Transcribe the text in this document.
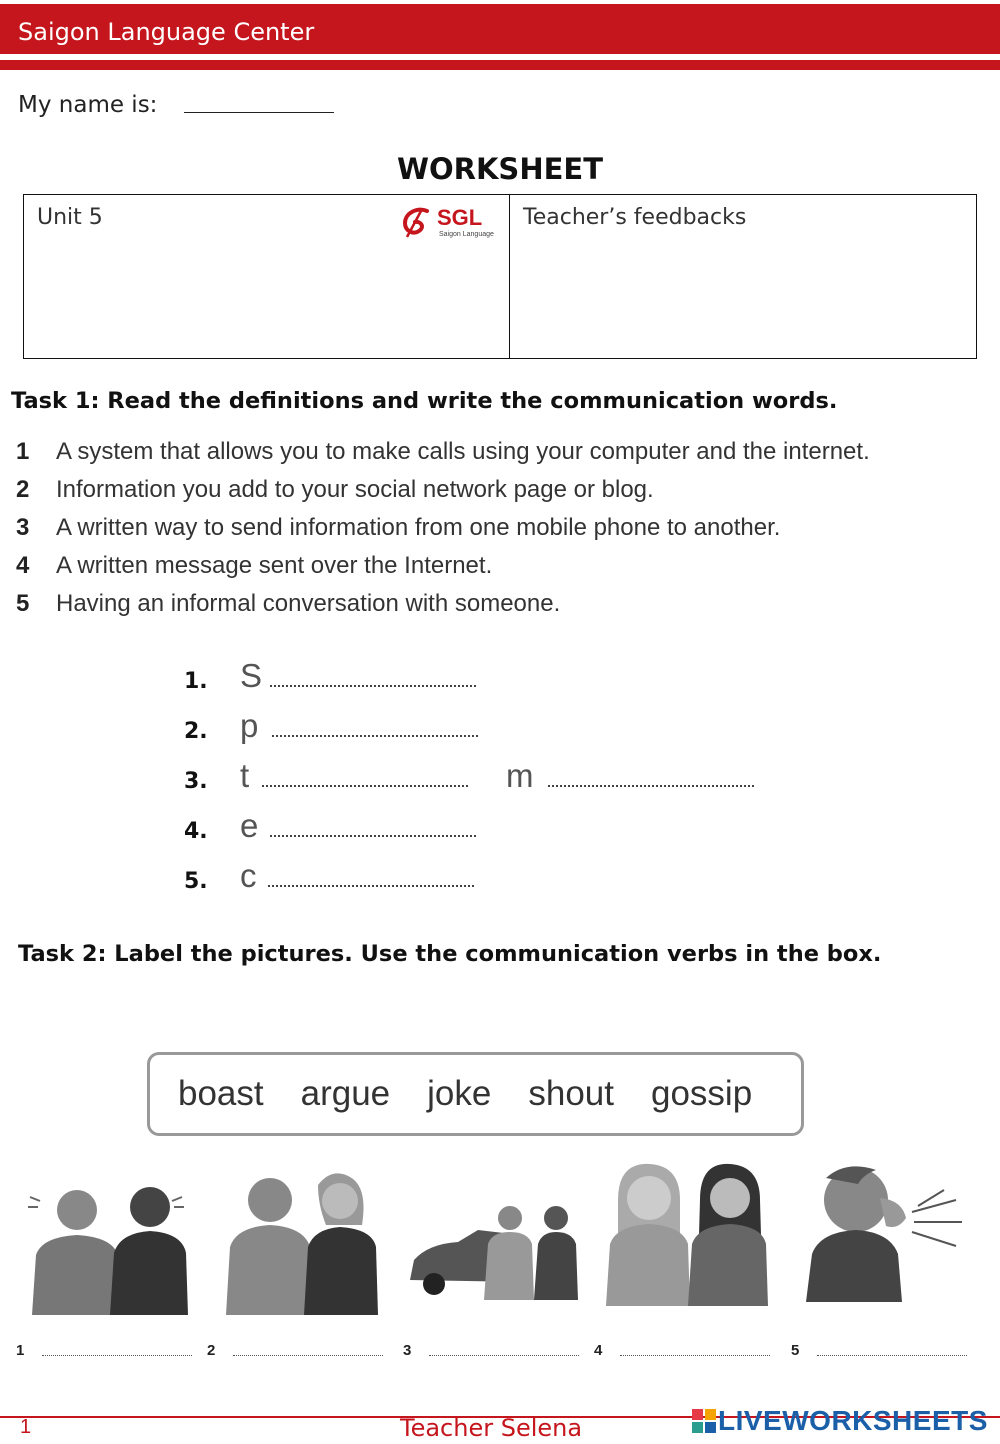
Saigon Language Center
My name is:
WORKSHEET
Unit 5	SGL
Saigon Language
Teacher’s feedbacks
Task 1: Read the definitions and write the communication words.
1	A system that allows you to make calls using your computer and the internet.
2	Information you add to your social network page or blog.
3	A written way to send information from one mobile phone to another.
4	A written message sent over the Internet.
5	Having an informal conversation with someone.
1. S
2. p
3. t	m
4. e
5. c
Task 2: Label the pictures. Use the communication verbs in the box.
boast argue joke shout gossip
1	2	3	4	5
1	Teacher Selena	LIVEWORKSHEETS
